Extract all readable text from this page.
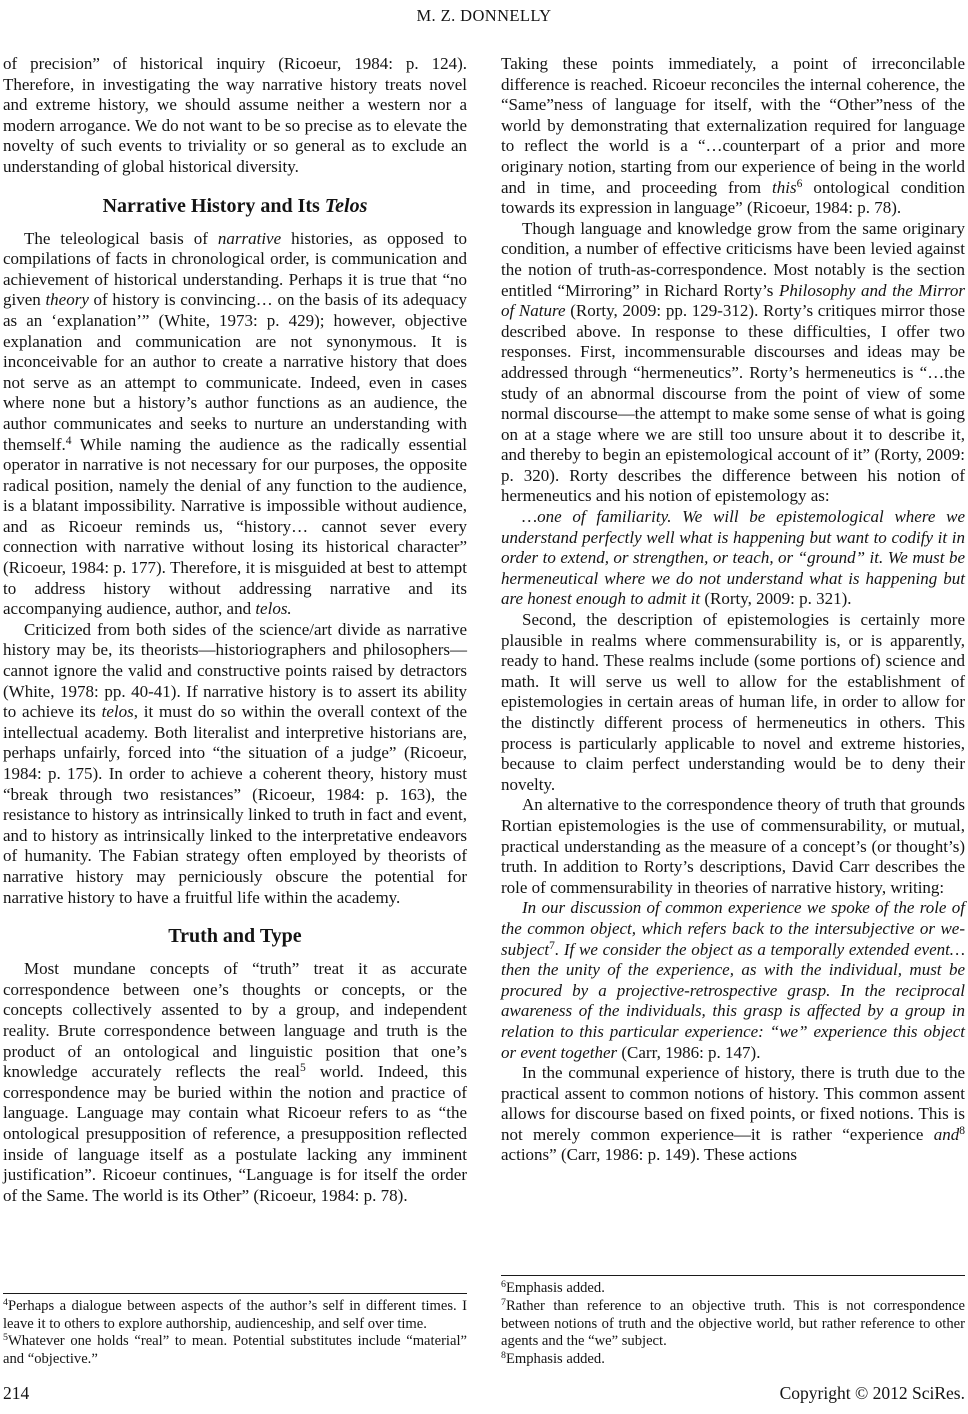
M. Z. DONNELLY

of precision” of historical inquiry (Ricoeur, 1984: p. 124). Therefore, in investigating the way narrative history treats novel and extreme history, we should assume neither a western nor a modern arrogance. We do not want to be so precise as to elevate the novelty of such events to triviality or so general as to exclude an understanding of global historical diversity.

Narrative History and Its Telos

The teleological basis of narrative histories, as opposed to compilations of facts in chronological order, is communication and achievement of historical understanding. Perhaps it is true that “no given theory of history is convincing… on the basis of its adequacy as an ‘explanation’” (White, 1973: p. 429); however, objective explanation and communication are not synonymous. It is inconceivable for an author to create a narrative history that does not serve as an attempt to communicate. Indeed, even in cases where none but a history’s author functions as an audience, the author communicates and seeks to nurture an understanding with themself.$^4$ While naming the audience as the radically essential operator in narrative is not necessary for our purposes, the opposite radical position, namely the denial of any function to the audience, is a blatant impossibility. Narrative is impossible without audience, and as Ricoeur reminds us, “history… cannot sever every connection with narrative without losing its historical character” (Ricoeur, 1984: p. 177). Therefore, it is misguided at best to attempt to address history without addressing narrative and its accompanying audience, author, and telos.

Criticized from both sides of the science/art divide as narrative history may be, its theorists—historiographers and philosophers—cannot ignore the valid and constructive points raised by detractors (White, 1978: pp. 40-41). If narrative history is to assert its ability to achieve its telos, it must do so within the overall context of the intellectual academy. Both literalist and interpretive historians are, perhaps unfairly, forced into “the situation of a judge” (Ricoeur, 1984: p. 175). In order to achieve a coherent theory, history must “break through two resistances” (Ricoeur, 1984: p. 163), the resistance to history as intrinsically linked to truth in fact and event, and to history as intrinsically linked to the interpretative endeavors of humanity. The Fabian strategy often employed by theorists of narrative history may perniciously obscure the potential for narrative history to have a fruitful life within the academy.

Truth and Type

Most mundane concepts of “truth” treat it as accurate correspondence between one’s thoughts or concepts, or the concepts collectively assented to by a group, and independent reality. Brute correspondence between language and truth is the product of an ontological and linguistic position that one’s knowledge accurately reflects the real$^5$ world. Indeed, this correspondence may be buried within the notion and practice of language. Language may contain what Ricoeur refers to as “the ontological presupposition of reference, a presupposition reflected inside of language itself as a postulate lacking any imminent justification”. Ricoeur continues, “Language is for itself the order of the Same. The world is its Other” (Ricoeur, 1984: p. 78).

$^4$Perhaps a dialogue between aspects of the author’s self in different times. I leave it to others to explore authorship, audienceship, and self over time.

$^5$Whatever one holds “real” to mean. Potential substitutes include “material” and “objective.”

Taking these points immediately, a point of irreconcilable difference is reached. Ricoeur reconciles the internal coherence, the “Same”ness of language for itself, with the “Other”ness of the world by demonstrating that externalization required for language to reflect the world is a “…counterpart of a prior and more originary notion, starting from our experience of being in the world and in time, and proceeding from this$^6$ ontological condition towards its expression in language” (Ricoeur, 1984: p. 78).

Though language and knowledge grow from the same originary condition, a number of effective criticisms have been levied against the notion of truth-as-correspondence. Most notably is the section entitled “Mirroring” in Richard Rorty’s Philosophy and the Mirror of Nature (Rorty, 2009: pp. 129-312). Rorty’s critiques mirror those described above. In response to these difficulties, I offer two responses. First, incommensurable discourses and ideas may be addressed through “hermeneutics”. Rorty’s hermeneutics is “…the study of an abnormal discourse from the point of view of some normal discourse—the attempt to make some sense of what is going on at a stage where we are still too unsure about it to describe it, and thereby to begin an epistemological account of it” (Rorty, 2009: p. 320). Rorty describes the difference between his notion of hermeneutics and his notion of epistemology as:

…one of familiarity. We will be epistemological where we understand perfectly well what is happening but want to codify it in order to extend, or strengthen, or teach, or “ground” it. We must be hermeneutical where we do not understand what is happening but are honest enough to admit it (Rorty, 2009: p. 321).

Second, the description of epistemologies is certainly more plausible in realms where commensurability is, or is apparently, ready to hand. These realms include (some portions of) science and math. It will serve us well to allow for the establishment of epistemologies in certain areas of human life, in order to allow for the distinctly different process of hermeneutics in others. This process is particularly applicable to novel and extreme histories, because to claim perfect understanding would be to deny their novelty.

An alternative to the correspondence theory of truth that grounds Rortian epistemologies is the use of commensurability, or mutual, practical understanding as the measure of a concept’s (or thought’s) truth. In addition to Rorty’s descriptions, David Carr describes the role of commensurability in theories of narrative history, writing:

In our discussion of common experience we spoke of the role of the common object, which refers back to the intersubjective or we-subject$^7$. If we consider the object as a temporally extended event… then the unity of the experience, as with the individual, must be procured by a projective-retrospective grasp. In the reciprocal awareness of the individuals, this grasp is affected by a group in relation to this particular experience: “we” experience this object or event together (Carr, 1986: p. 147).

In the communal experience of history, there is truth due to the practical assent to common notions of history. This common assent allows for discourse based on fixed points, or fixed notions. This is not merely common experience—it is rather “experience and$^8$ actions” (Carr, 1986: p. 149). These actions

$^6$Emphasis added.

$^7$Rather than reference to an objective truth. This is not correspondence between notions of truth and the objective world, but rather reference to other agents and the “we” subject.

$^8$Emphasis added.

214	Copyright © 2012 SciRes.
